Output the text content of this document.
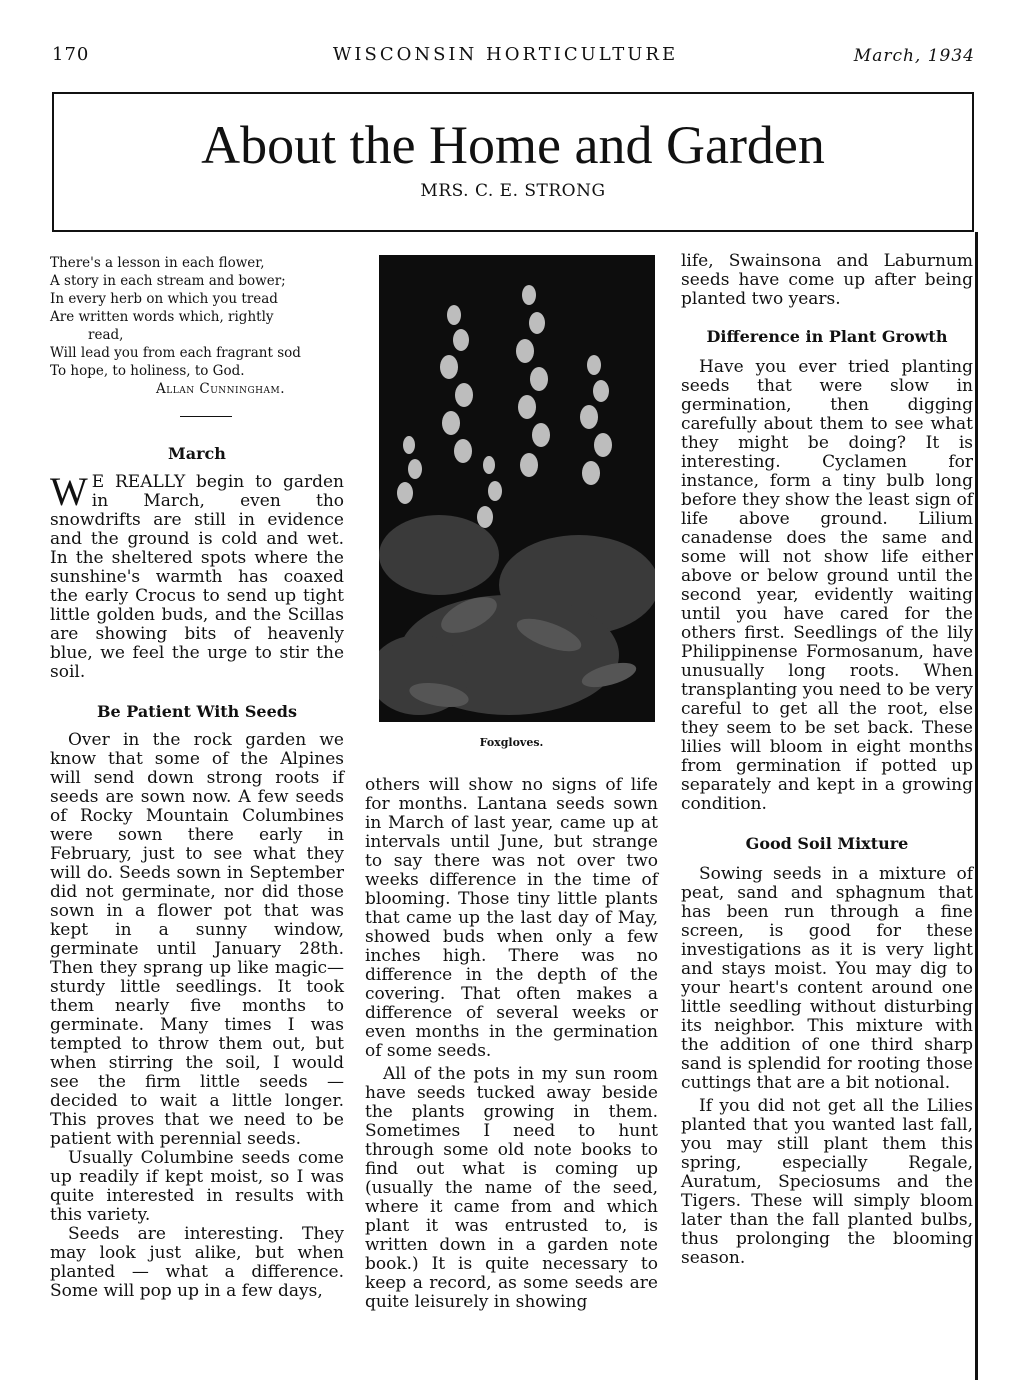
170	WISCONSIN HORTICULTURE	March, 1934
About the Home and Garden
MRS. C. E. STRONG
There's a lesson in each flower,
A story in each stream and bower;
In every herb on which you tread
Are written words which, rightly
read,
Will lead you from each fragrant sod
To hope, to holiness, to God.
Allan Cunningham.
March

W E REALLY begin to garden in March, even tho snowdrifts are still in evidence and the ground is cold and wet. In the sheltered spots where the sunshine's warmth has coaxed the early Crocus to send up tight little golden buds, and the Scillas are showing bits of heavenly blue, we feel the urge to stir the soil.

Be Patient With Seeds

Over in the rock garden we know that some of the Alpines will send down strong roots if seeds are sown now. A few seeds of Rocky Mountain Columbines were sown there early in February, just to see what they will do. Seeds sown in September did not germinate, nor did those sown in a flower pot that was kept in a sunny window, germinate until January 28th. Then they sprang up like magic—sturdy little seedlings. It took them nearly five months to germinate. Many times I was tempted to throw them out, but when stirring the soil, I would see the firm little seeds — decided to wait a little longer. This proves that we need to be patient with perennial seeds.

Usually Columbine seeds come up readily if kept moist, so I was quite interested in results with this variety.

Seeds are interesting. They may look just alike, but when planted — what a difference. Some will pop up in a few days,

Foxgloves.

others will show no signs of life for months. Lantana seeds sown in March of last year, came up at intervals until June, but strange to say there was not over two weeks difference in the time of blooming. Those tiny little plants that came up the last day of May, showed buds when only a few inches high. There was no difference in the depth of the covering. That often makes a difference of several weeks or even months in the germination of some seeds.

All of the pots in my sun room have seeds tucked away beside the plants growing in them. Sometimes I need to hunt through some old note books to find out what is coming up (usually the name of the seed, where it came from and which plant it was entrusted to, is written down in a garden note book.) It is quite necessary to keep a record, as some seeds are quite leisurely in showing

life, Swainsona and Laburnum seeds have come up after being planted two years.

Difference in Plant Growth

Have you ever tried planting seeds that were slow in germination, then digging carefully about them to see what they might be doing? It is interesting. Cyclamen for instance, form a tiny bulb long before they show the least sign of life above ground. Lilium canadense does the same and some will not show life either above or below ground until the second year, evidently waiting until you have cared for the others first. Seedlings of the lily Philippinense Formosanum, have unusually long roots. When transplanting you need to be very careful to get all the root, else they seem to be set back. These lilies will bloom in eight months from germination if potted up separately and kept in a growing condition.

Good Soil Mixture

Sowing seeds in a mixture of peat, sand and sphagnum that has been run through a fine screen, is good for these investigations as it is very light and stays moist. You may dig to your heart's content around one little seedling without disturbing its neighbor. This mixture with the addition of one third sharp sand is splendid for rooting those cuttings that are a bit notional.

If you did not get all the Lilies planted that you wanted last fall, you may still plant them this spring, especially Regale, Auratum, Speciosums and the Tigers. These will simply bloom later than the fall planted bulbs, thus prolonging the blooming season.
